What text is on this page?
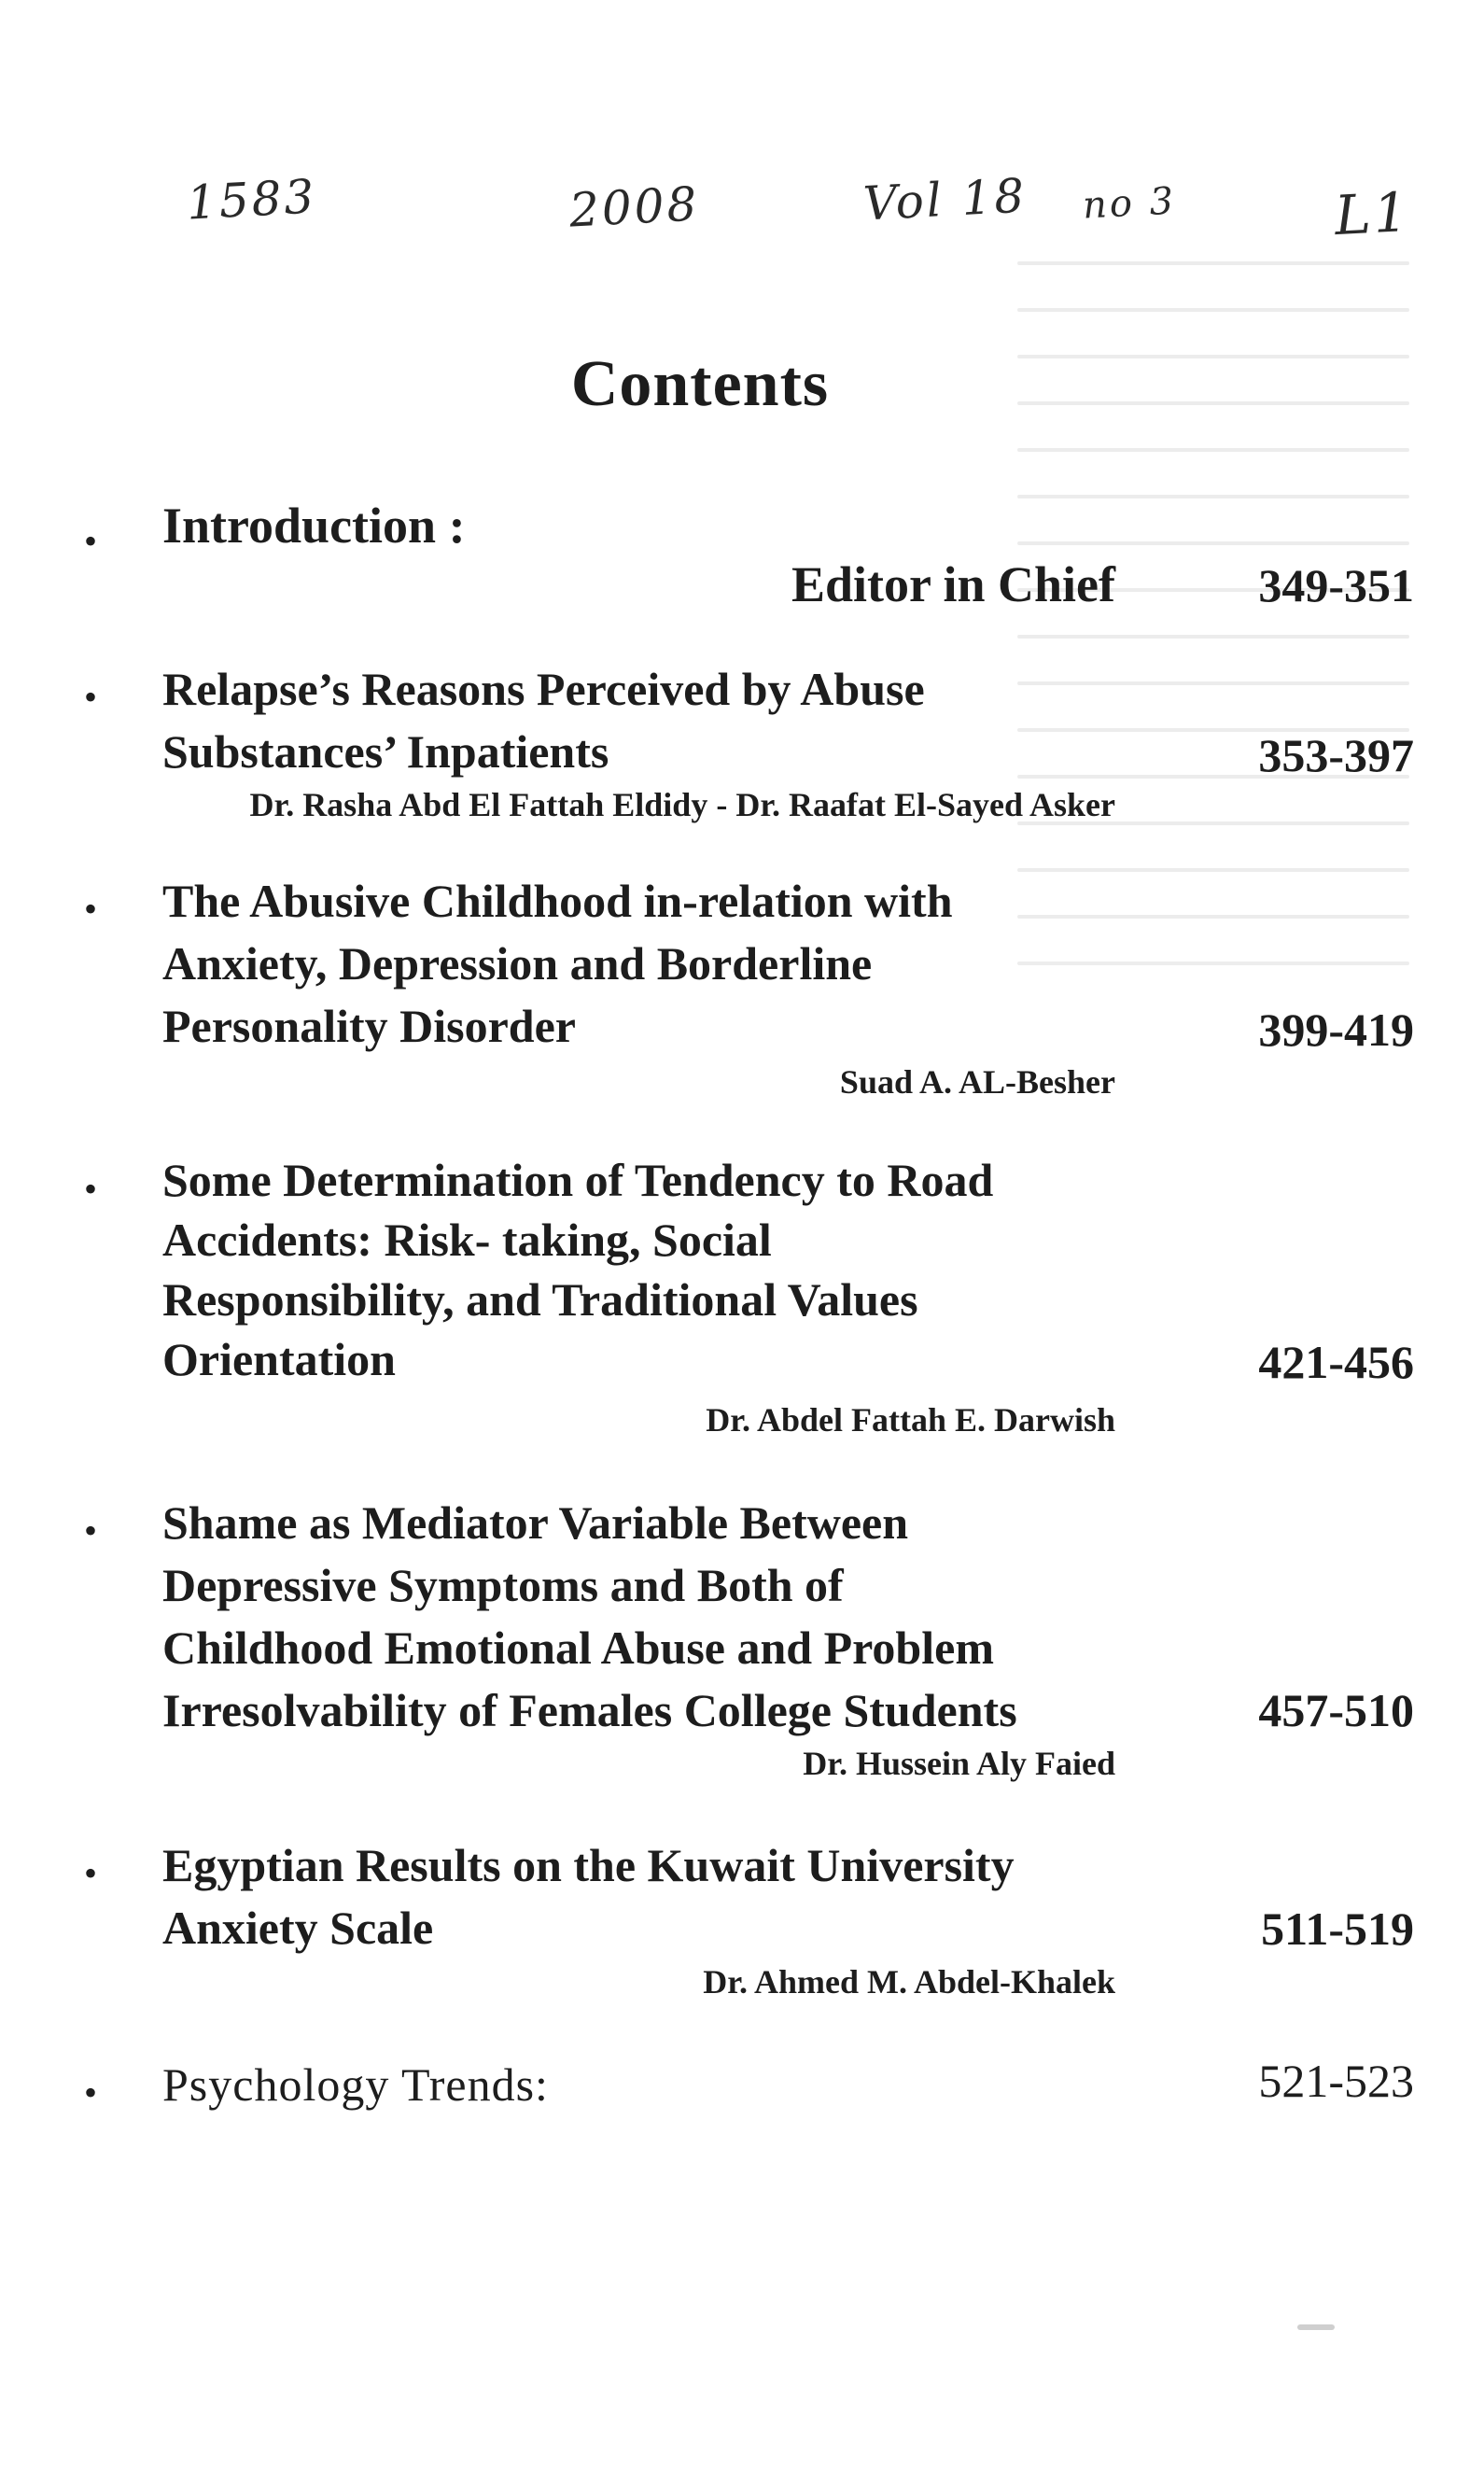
1583	2008	Vol 18 no 3	L1
Contents
• Introduction :
Editor in Chief	349-351
• Relapse’s Reasons Perceived by Abuse
Substances’ Inpatients	353-397
Dr. Rasha Abd El Fattah Eldidy - Dr. Raafat El-Sayed Asker
• The Abusive Childhood in-relation with
Anxiety, Depression and Borderline
Personality Disorder	399-419
Suad A. AL-Besher
• Some Determination of Tendency to Road
Accidents: Risk- taking, Social
Responsibility, and Traditional Values
Orientation	421-456
Dr. Abdel Fattah E. Darwish
• Shame as Mediator Variable Between
Depressive Symptoms and Both of
Childhood Emotional Abuse and Problem
Irresolvability of Females College Students	457-510
Dr. Hussein Aly Faied
• Egyptian Results on the Kuwait University
Anxiety Scale	511-519
Dr. Ahmed M. Abdel-Khalek
• Psychology Trends:	521-523
